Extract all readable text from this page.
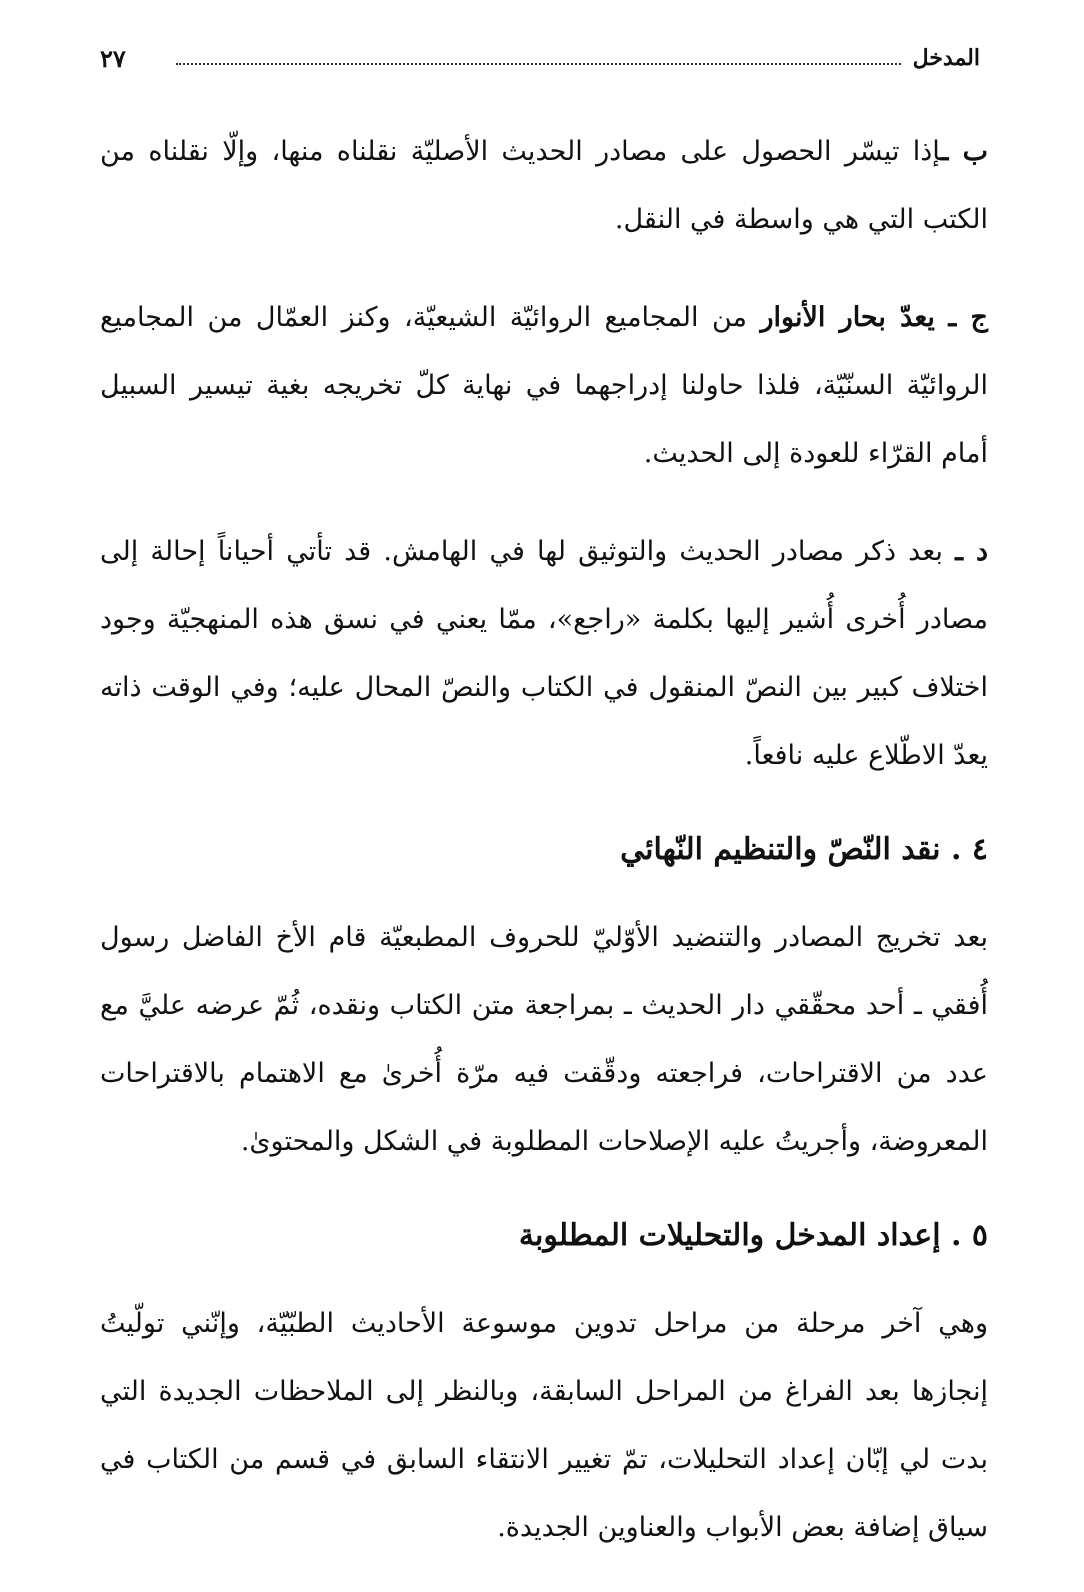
المدخل
٢٧

ب ـإذا تيسّر الحصول على مصادر الحديث الأصليّة نقلناه منها، وإلّا نقلناه من الكتب التي هي واسطة في النقل.

ج ـ يعدّ بحار الأنوار من المجاميع الروائيّة الشيعيّة، وكنز العمّال من المجاميع الروائيّة السنّيّة، فلذا حاولنا إدراجهما في نهاية كلّ تخريجه بغية تيسير السبيل أمام القرّاء للعودة إلى الحديث.

د ـ بعد ذكر مصادر الحديث والتوثيق لها في الهامش. قد تأتي أحياناً إحالة إلى مصادر أُخرى أُشير إليها بكلمة «راجع»، ممّا يعني في نسق هذه المنهجيّة وجود اختلاف كبير بين النصّ المنقول في الكتاب والنصّ المحال عليه؛ وفي الوقت ذاته يعدّ الاطّلاع عليه نافعاً.

٤ . نقد النّصّ والتنظيم النّهائي

بعد تخريج المصادر والتنضيد الأوّليّ للحروف المطبعيّة قام الأخ الفاضل رسول أُفقي ـ أحد محقّقي دار الحديث ـ بمراجعة متن الكتاب ونقده، ثُمّ عرضه عليَّ مع عدد من الاقتراحات، فراجعته ودقّقت فيه مرّة أُخرىٰ مع الاهتمام بالاقتراحات المعروضة، وأجريتُ عليه الإصلاحات المطلوبة في الشكل والمحتوىٰ.

٥ . إعداد المدخل والتحليلات المطلوبة

وهي آخر مرحلة من مراحل تدوين موسوعة الأحاديث الطبّيّة، وإنّني تولّيتُ إنجازها بعد الفراغ من المراحل السابقة، وبالنظر إلى الملاحظات الجديدة التي بدت لي إبّان إعداد التحليلات، تمّ تغيير الانتقاء السابق في قسم من الكتاب في سياق إضافة بعض الأبواب والعناوين الجديدة.
